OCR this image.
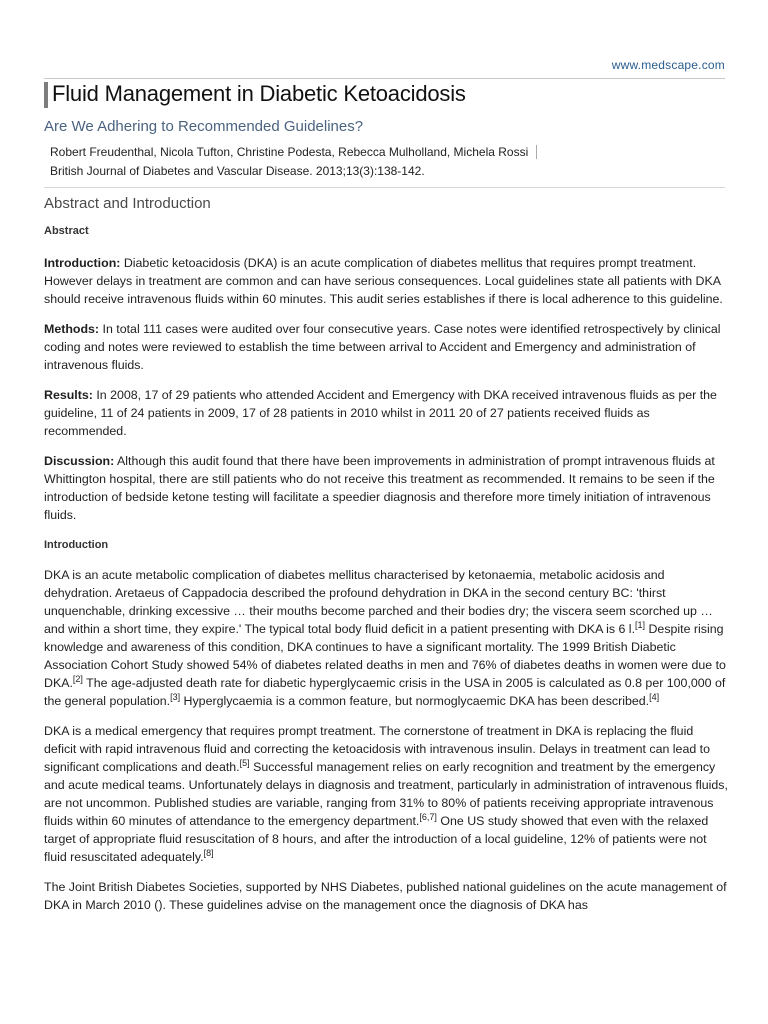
www.medscape.com
Fluid Management in Diabetic Ketoacidosis
Are We Adhering to Recommended Guidelines?
Robert Freudenthal, Nicola Tufton, Christine Podesta, Rebecca Mulholland, Michela Rossi
British Journal of Diabetes and Vascular Disease. 2013;13(3):138-142.
Abstract and Introduction
Abstract

Introduction: Diabetic ketoacidosis (DKA) is an acute complication of diabetes mellitus that requires prompt treatment. However delays in treatment are common and can have serious consequences. Local guidelines state all patients with DKA should receive intravenous fluids within 60 minutes. This audit series establishes if there is local adherence to this guideline.

Methods: In total 111 cases were audited over four consecutive years. Case notes were identified retrospectively by clinical coding and notes were reviewed to establish the time between arrival to Accident and Emergency and administration of intravenous fluids.

Results: In 2008, 17 of 29 patients who attended Accident and Emergency with DKA received intravenous fluids as per the guideline, 11 of 24 patients in 2009, 17 of 28 patients in 2010 whilst in 2011 20 of 27 patients received fluids as recommended.

Discussion: Although this audit found that there have been improvements in administration of prompt intravenous fluids at Whittington hospital, there are still patients who do not receive this treatment as recommended. It remains to be seen if the introduction of bedside ketone testing will facilitate a speedier diagnosis and therefore more timely initiation of intravenous fluids.

Introduction

DKA is an acute metabolic complication of diabetes mellitus characterised by ketonaemia, metabolic acidosis and dehydration. Aretaeus of Cappadocia described the profound dehydration in DKA in the second century BC: 'thirst unquenchable, drinking excessive … their mouths become parched and their bodies dry; the viscera seem scorched up … and within a short time, they expire.' The typical total body fluid deficit in a patient presenting with DKA is 6 l.[1] Despite rising knowledge and awareness of this condition, DKA continues to have a significant mortality. The 1999 British Diabetic Association Cohort Study showed 54% of diabetes related deaths in men and 76% of diabetes deaths in women were due to DKA.[2] The age-adjusted death rate for diabetic hyperglycaemic crisis in the USA in 2005 is calculated as 0.8 per 100,000 of the general population.[3] Hyperglycaemia is a common feature, but normoglycaemic DKA has been described.[4]

DKA is a medical emergency that requires prompt treatment. The cornerstone of treatment in DKA is replacing the fluid deficit with rapid intravenous fluid and correcting the ketoacidosis with intravenous insulin. Delays in treatment can lead to significant complications and death.[5] Successful management relies on early recognition and treatment by the emergency and acute medical teams. Unfortunately delays in diagnosis and treatment, particularly in administration of intravenous fluids, are not uncommon. Published studies are variable, ranging from 31% to 80% of patients receiving appropriate intravenous fluids within 60 minutes of attendance to the emergency department.[6,7] One US study showed that even with the relaxed target of appropriate fluid resuscitation of 8 hours, and after the introduction of a local guideline, 12% of patients were not fluid resuscitated adequately.[8]

The Joint British Diabetes Societies, supported by NHS Diabetes, published national guidelines on the acute management of DKA in March 2010 (). These guidelines advise on the management once the diagnosis of DKA has
